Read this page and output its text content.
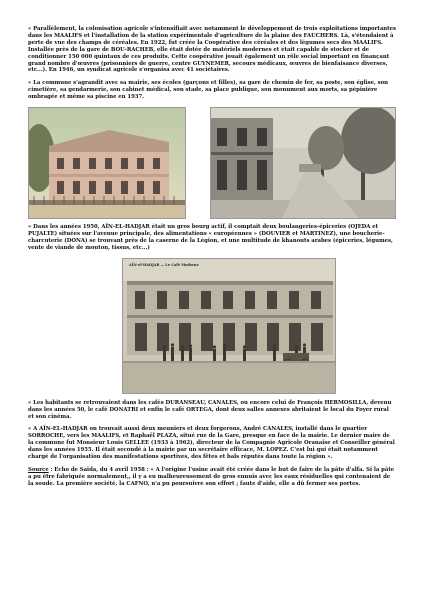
« Parallèlement, la colonisation agricole s'intensifiait avec notamment le développement de trois exploitations importantes dans les MAALIFS et l'installation de la station expérimentale d'agriculture de la plaine des FAUCHERS. Là, s'étendaient à perte de vue des champs de céréales. En 1922, fut créée la Coopérative des céréales et des légumes secs des MAALIFS. Installée près de la gare de BOU-RACHEB, elle était dotée de matériels modernes et était capable de stocker et de conditionner 150 000 quintaux de ces produits. Cette coopérative jouait également un rôle social important en finançant grand nombre d'œuvres (prisonniers de guerre, centre GUYNEMER, secours médicaux, œuvres de bienfaisance diverses, etc...). En 1946, un syndicat agricole s'organisa avec 41 sociétaires.

« La commune s'agrandit avec sa mairie, ses écoles (garçons et filles), sa gare de chemin de fer, sa poste, son église, son cimetière, sa gendarmerie, son cabinet médical, son stade, sa place publique, son monument aux morts, sa pépinière ombragée et même sa piscine en 1937.

« Dans les années 1950, AÏN-EL-HADJAR était un gros bourg actif, il comptait deux boulangeries-épiceries (OJEDA et PUJALTE) situées sur l'avenue principale, des alimentations « européennes » (DOUVIER et MARTINEZ), une boucherie-charcuterie (DONA) se trouvant près de la caserne de la Légion, et une multitude de khanouts arabes (épiceries, légumes, vente de viande de mouton, tissus, etc...)

AÏN-el-HADJAR — Le Café Moderne

« Les habitants se retrouvaient dans les cafés DURANSEAU, CANALES, ou encore celui de François HERMOSILLA, devenu dans les années 50, le café DONATRI et enfin le café ORTEGA, dont deux salles annexes abritaient le local du Foyer rural et son cinéma.

« A AÏN-EL-HADJAR on trouvait aussi deux meuniers et deux forgerons, André CANALES, installé dans le quartier SORROCHE, vers les MAALIFS, et Raphaël PLAZA, situé rue de la Gare, presque en face de la mairie. Le dernier maire de la commune fut Monsieur Louis GELLEE (1933 à 1962), directeur de la Compagnie Agricole Oranaise et Conseiller général dans les années 1955. Il était secondé à la mairie par un secrétaire efficace, M. LOPEZ. C'est lui qui était notamment chargé de l'organisation des manifestations sportives, des fêtes et bals réputés dans toute la région ».

Source : Echo de Saïda, du 4 avril 1958 : « A l'origine l'usine avait été créée dans le but de faire de la pâte d'alfa. Si la pâte a pu être fabriquée normalement,, il y a eu malheureusement de gros ennuis avec les eaux résiduelles qui contenaient de la soude. La première société, la CAFNO, n'a pu poursuivre son effort ; faute d'aide, elle a dû fermer ses portes.
